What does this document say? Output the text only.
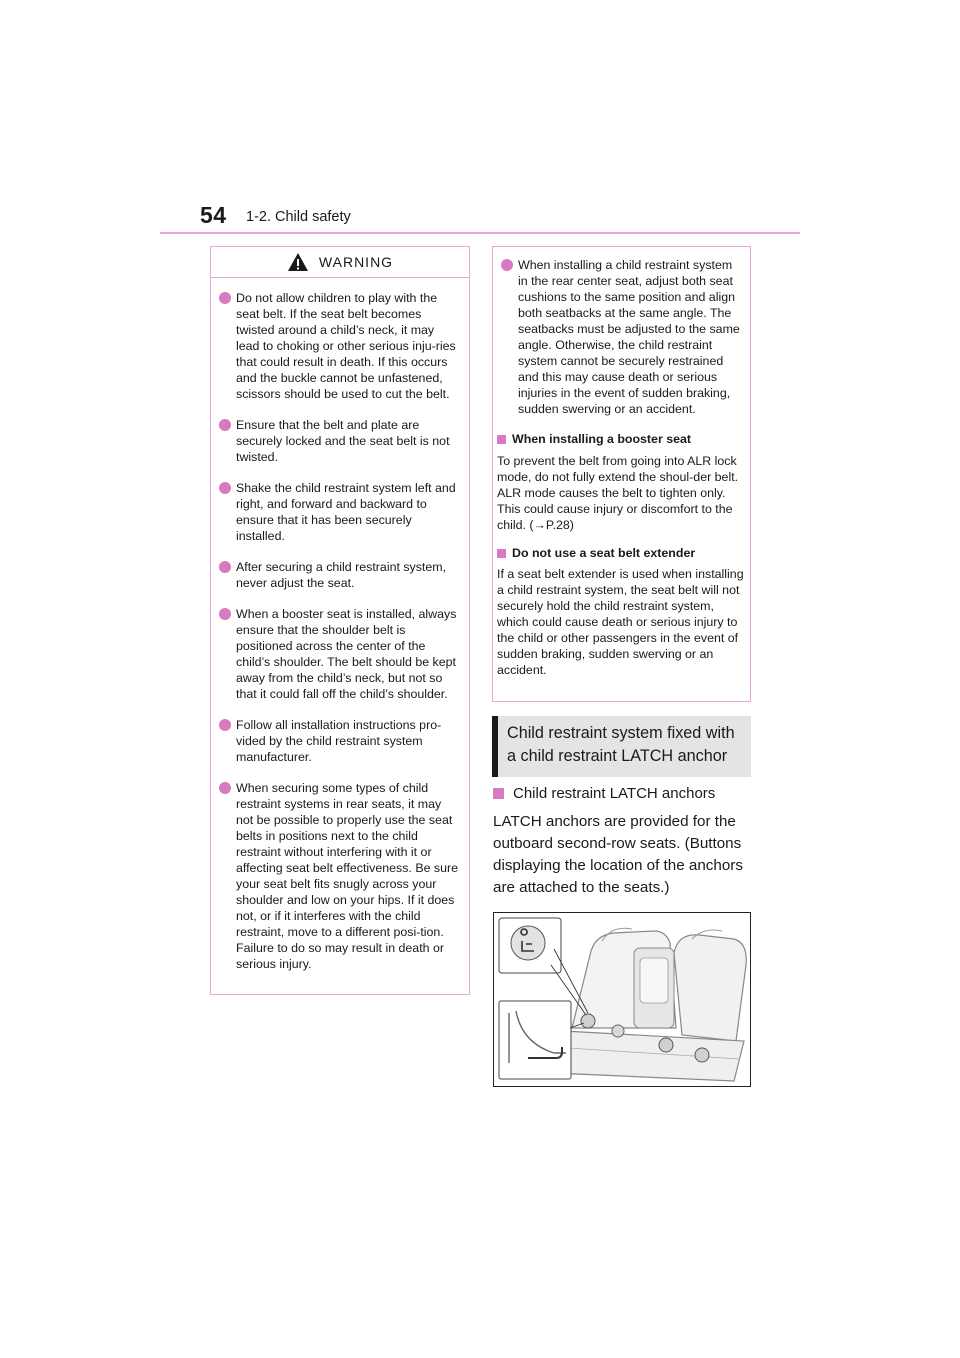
54 1-2. Child safety
WARNING
Do not allow children to play with the seat belt. If the seat belt becomes twisted around a child’s neck, it may lead to choking or other serious inju-ries that could result in death. If this occurs and the buckle cannot be unfastened, scissors should be used to cut the belt.
Ensure that the belt and plate are securely locked and the seat belt is not twisted.
Shake the child restraint system left and right, and forward and backward to ensure that it has been securely installed.
After securing a child restraint system, never adjust the seat.
When a booster seat is installed, always ensure that the shoulder belt is positioned across the center of the child’s shoulder. The belt should be kept away from the child’s neck, but not so that it could fall off the child’s shoulder.
Follow all installation instructions pro-vided by the child restraint system manufacturer.
When securing some types of child restraint systems in rear seats, it may not be possible to properly use the seat belts in positions next to the child restraint without interfering with it or affecting seat belt effectiveness. Be sure your seat belt fits snugly across your shoulder and low on your hips. If it does not, or if it interferes with the child restraint, move to a different posi-tion. Failure to do so may result in death or serious injury.
When installing a child restraint system in the rear center seat, adjust both seat cushions to the same position and align both seatbacks at the same angle. The seatbacks must be adjusted to the same angle. Otherwise, the child restraint system cannot be securely restrained and this may cause death or serious injuries in the event of sudden braking, sudden swerving or an accident.
When installing a booster seat
To prevent the belt from going into ALR lock mode, do not fully extend the shoul-der belt. ALR mode causes the belt to tighten only. This could cause injury or discomfort to the child. (→P.28)
Do not use a seat belt extender
If a seat belt extender is used when installing a child restraint system, the seat belt will not securely hold the child restraint system, which could cause death or serious injury to the child or other passengers in the event of sudden braking, sudden swerving or an accident.
Child restraint system fixed with a child restraint LATCH anchor
Child restraint LATCH anchors
LATCH anchors are provided for the outboard second-row seats. (Buttons displaying the location of the anchors are attached to the seats.)
